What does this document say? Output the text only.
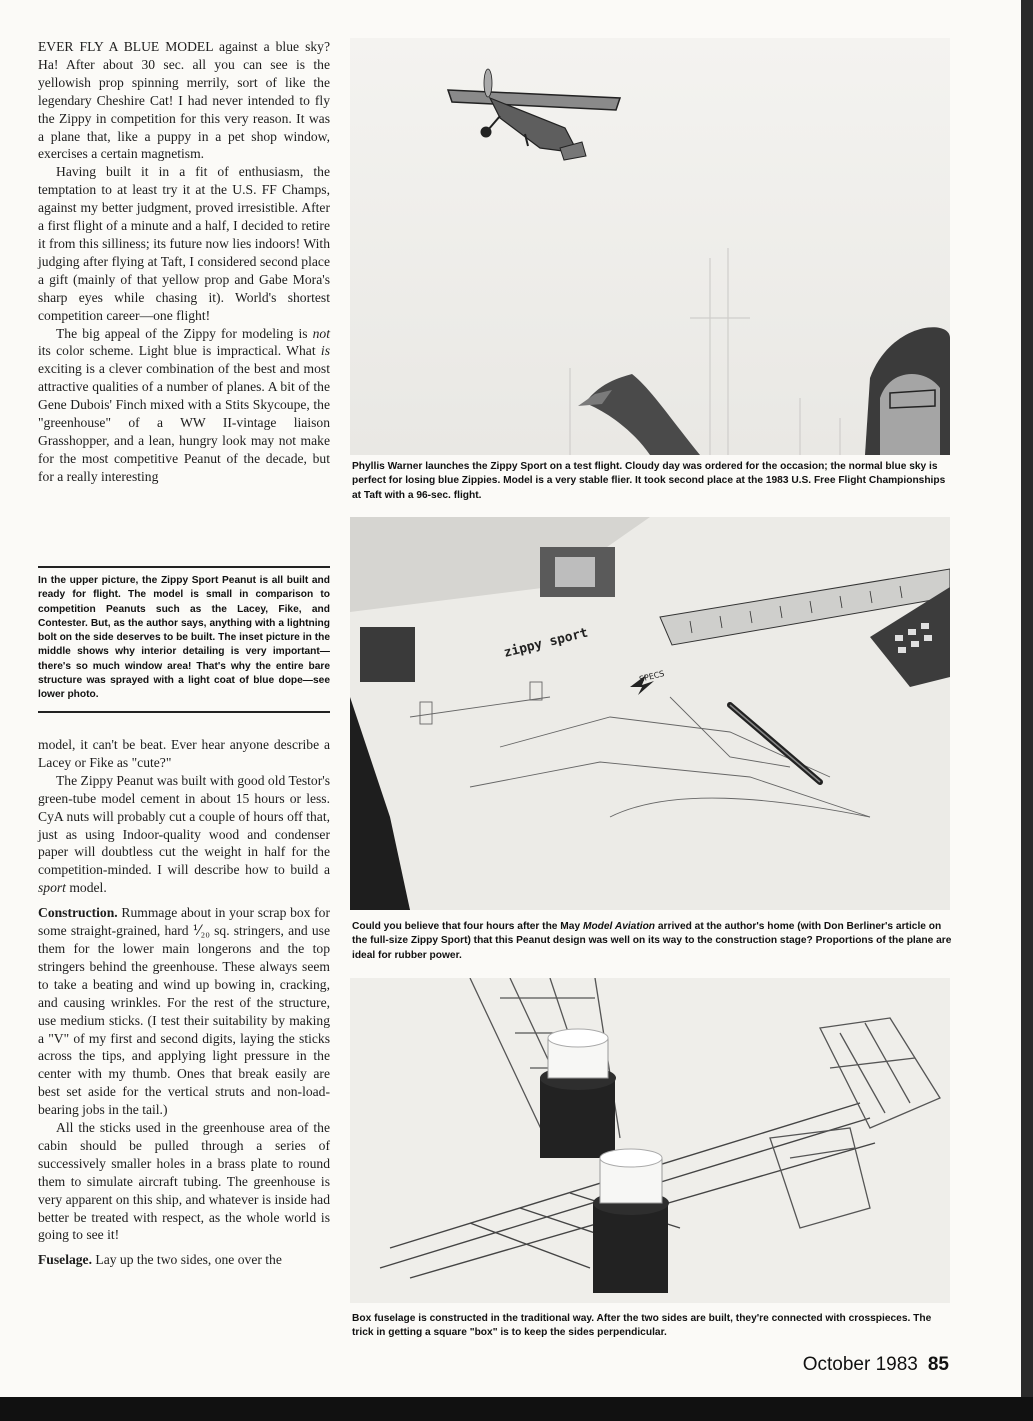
EVER FLY A BLUE MODEL against a blue sky? Ha! After about 30 sec. all you can see is the yellowish prop spinning merrily, sort of like the legendary Cheshire Cat! I had never intended to fly the Zippy in competition for this very reason. It was a plane that, like a puppy in a pet shop window, exercises a certain magnetism.

Having built it in a fit of enthusiasm, the temptation to at least try it at the U.S. FF Champs, against my better judgment, proved irresistible. After a first flight of a minute and a half, I decided to retire it from this silliness; its future now lies indoors! With judging after flying at Taft, I considered second place a gift (mainly of that yellow prop and Gabe Mora's sharp eyes while chasing it). World's shortest competition career—one flight!

The big appeal of the Zippy for modeling is not its color scheme. Light blue is impractical. What is exciting is a clever combination of the best and most attractive qualities of a number of planes. A bit of the Gene Dubois' Finch mixed with a Stits Skycoupe, the "greenhouse" of a WW II-vintage liaison Grasshopper, and a lean, hungry look may not make for the most competitive Peanut of the decade, but for a really interesting

In the upper picture, the Zippy Sport Peanut is all built and ready for flight. The model is small in comparison to competition Peanuts such as the Lacey, Fike, and Contester. But, as the author says, anything with a lightning bolt on the side deserves to be built. The inset picture in the middle shows why interior detailing is very important—there's so much window area! That's why the entire bare structure was sprayed with a light coat of blue dope—see lower photo.

model, it can't be beat. Ever hear anyone describe a Lacey or Fike as "cute?"

The Zippy Peanut was built with good old Testor's green-tube model cement in about 15 hours or less. CyA nuts will probably cut a couple of hours off that, just as using Indoor-quality wood and condenser paper will doubtless cut the weight in half for the competition-minded. I will describe how to build a sport model.

Construction. Rummage about in your scrap box for some straight-grained, hard ⅟₂₀ sq. stringers, and use them for the lower main longerons and the top stringers behind the greenhouse. These always seem to take a beating and wind up bowing in, cracking, and causing wrinkles. For the rest of the structure, use medium sticks. (I test their suitability by making a "V" of my first and second digits, laying the sticks across the tips, and applying light pressure in the center with my thumb. Ones that break easily are best set aside for the vertical struts and non-load-bearing jobs in the tail.)

All the sticks used in the greenhouse area of the cabin should be pulled through a series of successively smaller holes in a brass plate to round them to simulate aircraft tubing. The greenhouse is very apparent on this ship, and whatever is inside had better be treated with respect, as the whole world is going to see it!

Fuselage. Lay up the two sides, one over the

Phyllis Warner launches the Zippy Sport on a test flight. Cloudy day was ordered for the occasion; the normal blue sky is perfect for losing blue Zippies. Model is a very stable flier. It took second place at the 1983 U.S. Free Flight Championships at Taft with a 96-sec. flight.
zippy sport
SPECS
Could you believe that four hours after the May Model Aviation arrived at the author's home (with Don Berliner's article on the full-size Zippy Sport) that this Peanut design was well on its way to the construction stage? Proportions of the plane are ideal for rubber power.
Box fuselage is constructed in the traditional way. After the two sides are built, they're connected with crosspieces. The trick in getting a square "box" is to keep the sides perpendicular.
October 1983 85
